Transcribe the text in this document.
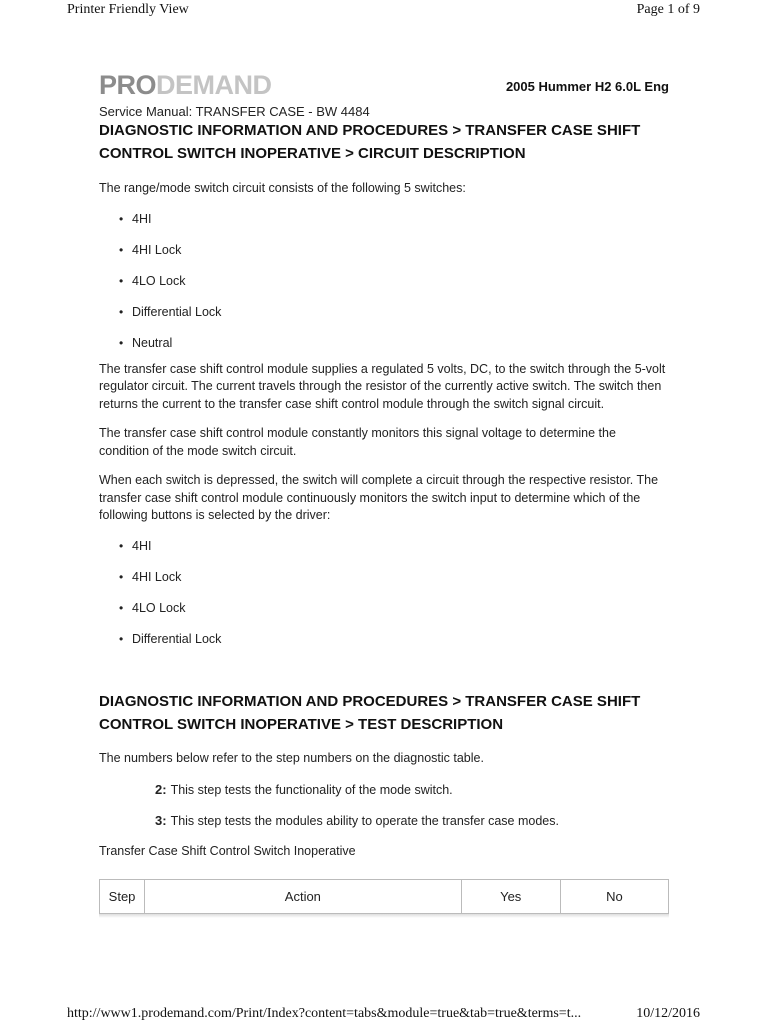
Printer Friendly View	Page 1 of 9
PRODEMAND	2005 Hummer H2 6.0L Eng
Service Manual: TRANSFER CASE - BW 4484
DIAGNOSTIC INFORMATION AND PROCEDURES > TRANSFER CASE SHIFT CONTROL SWITCH INOPERATIVE > CIRCUIT DESCRIPTION

The range/mode switch circuit consists of the following 5 switches:

• 4HI
• 4HI Lock
• 4LO Lock
• Differential Lock
• Neutral

The transfer case shift control module supplies a regulated 5 volts, DC, to the switch through the 5-volt regulator circuit. The current travels through the resistor of the currently active switch. The switch then returns the current to the transfer case shift control module through the switch signal circuit.

The transfer case shift control module constantly monitors this signal voltage to determine the condition of the mode switch circuit.

When each switch is depressed, the switch will complete a circuit through the respective resistor. The transfer case shift control module continuously monitors the switch input to determine which of the following buttons is selected by the driver:

• 4HI
• 4HI Lock
• 4LO Lock
• Differential Lock
DIAGNOSTIC INFORMATION AND PROCEDURES > TRANSFER CASE SHIFT CONTROL SWITCH INOPERATIVE > TEST DESCRIPTION

The numbers below refer to the step numbers on the diagnostic table.

2: This step tests the functionality of the mode switch.
3: This step tests the modules ability to operate the transfer case modes.

Transfer Case Shift Control Switch Inoperative

Step	Action	Yes	No
http://www1.prodemand.com/Print/Index?content=tabs&module=true&tab=true&terms=t...	10/12/2016
